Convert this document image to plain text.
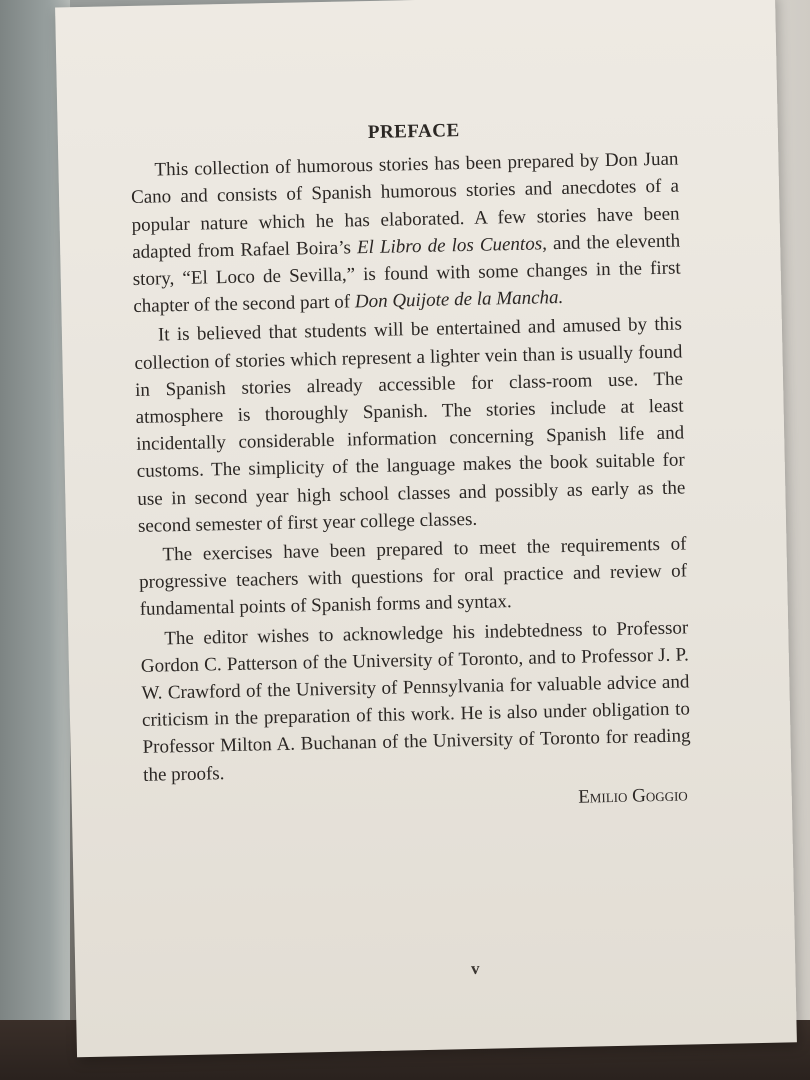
PREFACE

This collection of humorous stories has been prepared by Don Juan Cano and consists of Spanish humorous stories and anecdotes of a popular nature which he has elaborated. A few stories have been adapted from Rafael Boira’s El Libro de los Cuentos, and the eleventh story, “El Loco de Sevilla,” is found with some changes in the first chapter of the second part of Don Quijote de la Mancha.

It is believed that students will be entertained and amused by this collection of stories which represent a lighter vein than is usually found in Spanish stories already accessible for class-room use. The atmosphere is thoroughly Spanish. The stories include at least incidentally considerable information concerning Spanish life and customs. The simplicity of the language makes the book suitable for use in second year high school classes and possibly as early as the second semester of first year college classes.

The exercises have been prepared to meet the requirements of progressive teachers with questions for oral practice and review of fundamental points of Spanish forms and syntax.

The editor wishes to acknowledge his indebtedness to Professor Gordon C. Patterson of the University of Toronto, and to Professor J. P. W. Crawford of the University of Pennsylvania for valuable advice and criticism in the preparation of this work. He is also under obligation to Professor Milton A. Buchanan of the University of Toronto for reading the proofs.

Emilio Goggio
v
